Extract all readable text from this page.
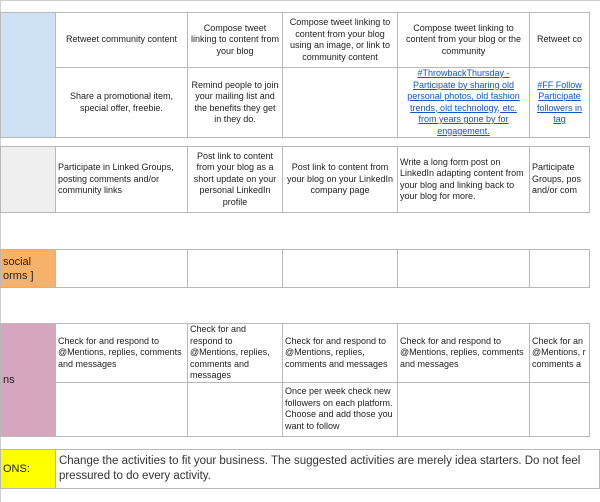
	Retweet community content	Compose tweet linking to content from your blog	Compose tweet linking to content from your blog using an image, or link to community content	Compose tweet linking to content from your blog or the community	Retweet co
	Share a promotional item, special offer, freebie.	Remind people to join your mailing list and the benefits they get in they do.		#ThrowbackThursday - Participate by sharing old personal photos, old fashion trends, old technology, etc. from years gone by for engagement.	#FF Follow Participate followers in tag
	Participate in Linked Groups, posting comments and/or community links	Post link to content from your blog as a short update on your personal LinkedIn profile	Post link to content from your blog on your LinkedIn company page	Write a long form post on LinkedIn adapting content from your blog and linking back to your blog for more.	Participate Groups, pos and/or com
social orms ]					
ns	Check for and respond to @Mentions, replies, comments and messages	Check for and respond to @Mentions, replies, comments and messages	Check for and respond to @Mentions, replies, comments and messages	Check for and respond to @Mentions, replies, comments and messages	Check for an @Mentions, r comments a
			Once per week check new followers on each platform. Choose and add those you want to follow		
ONS:	Change the activities to fit your business. The suggested activities are merely idea starters. Do not feel pressured to do every activity.
